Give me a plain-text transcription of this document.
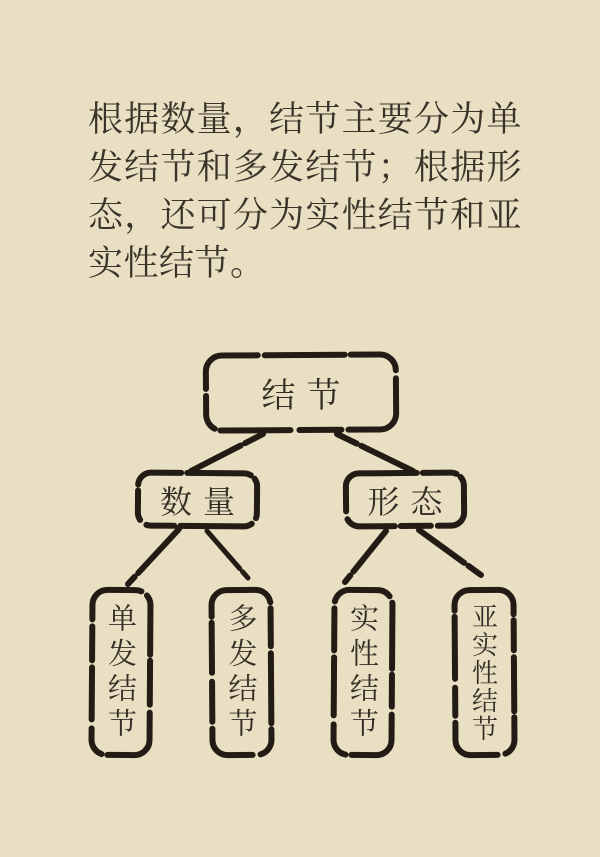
根据数量，结节主要分为单发结节和多发结节；根据形态，还可分为实性结节和亚实性结节。

结节
数量	形态
单发结节	多发结节	实性结节	亚实性结节
